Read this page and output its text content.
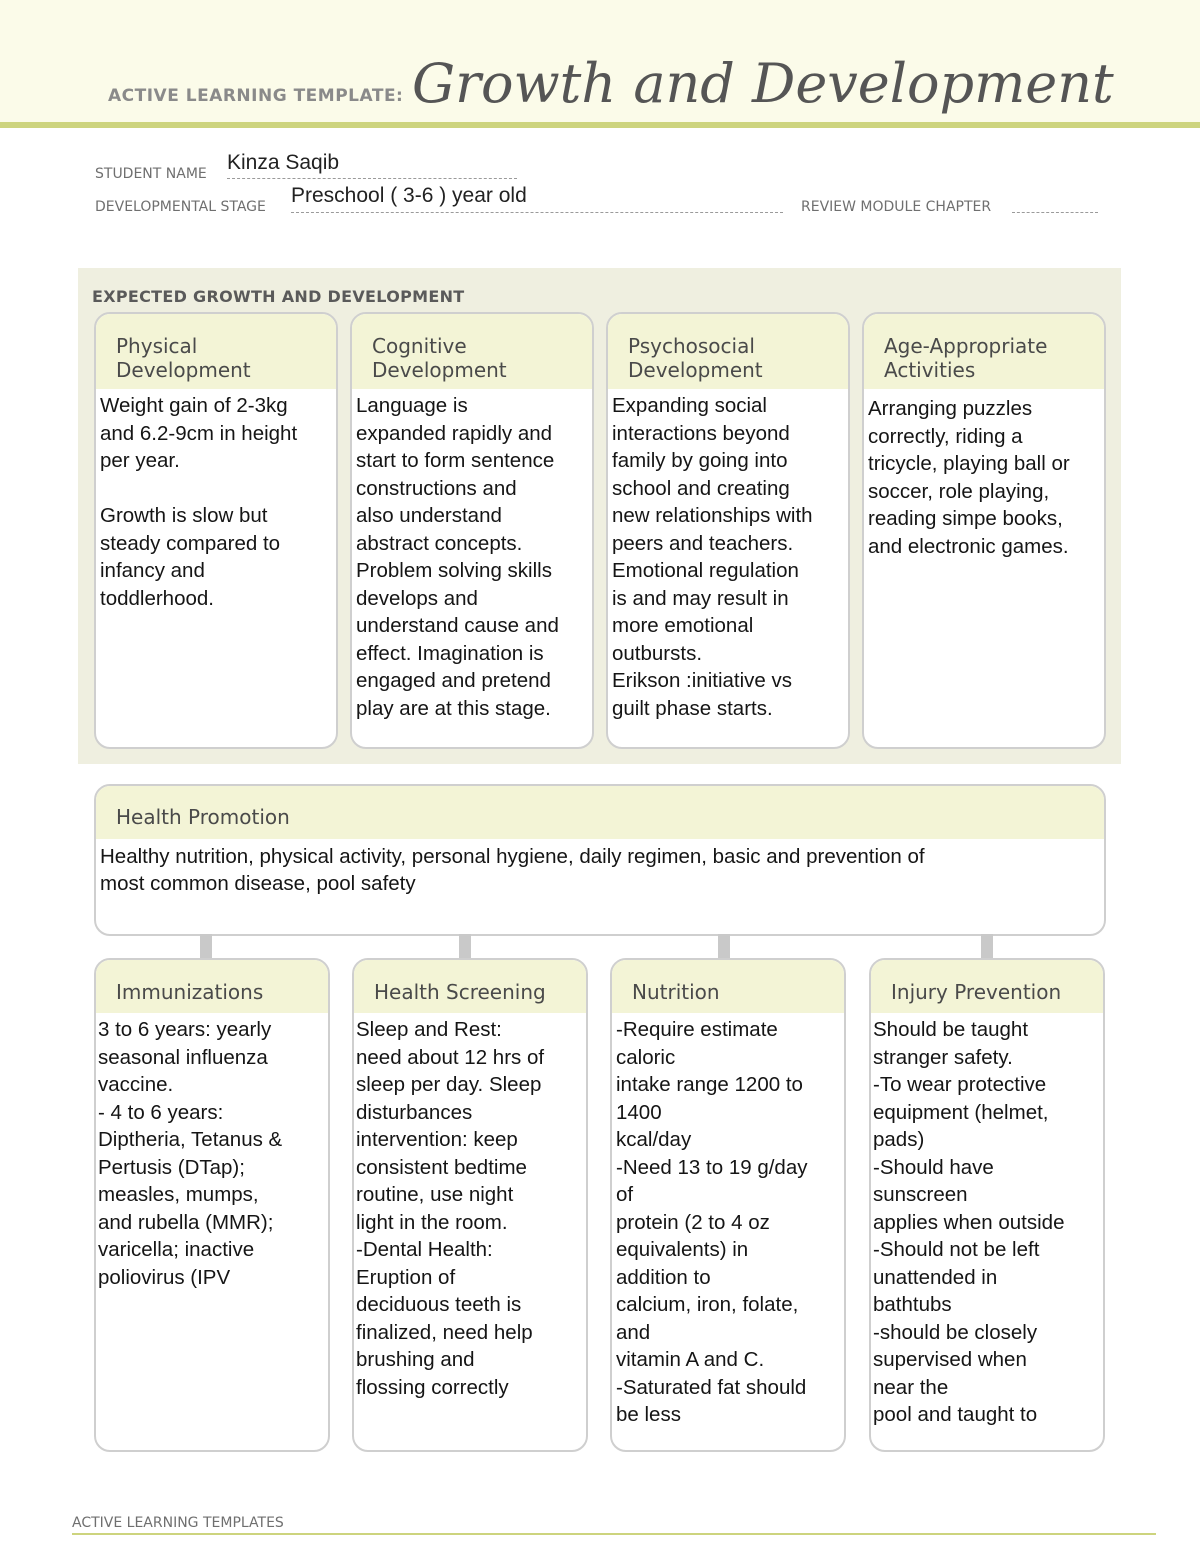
ACTIVE LEARNING TEMPLATE: Growth and Development
STUDENT NAME Kinza Saqib
DEVELOPMENTAL STAGE Preschool ( 3-6 ) year old	REVIEW MODULE CHAPTER
EXPECTED GROWTH AND DEVELOPMENT
Physical
Development
Weight gain of 2-3kg
and 6.2-9cm in height
per year.

Growth is slow but
steady compared to
infancy and
toddlerhood.
Cognitive
Development
Language is
expanded rapidly and
start to form sentence
constructions and
also understand
abstract concepts.
Problem solving skills
develops and
understand cause and
effect. Imagination is
engaged and pretend
play are at this stage.
Psychosocial
Development
Expanding social
interactions beyond
family by going into
school and creating
new relationships with
peers and teachers.
Emotional regulation
is and may result in
more emotional
outbursts.
Erikson :initiative vs
guilt phase starts.
Age-Appropriate
Activities
Arranging puzzles
correctly, riding a
tricycle, playing ball or
soccer, role playing,
reading simpe books,
and electronic games.
Health Promotion
Healthy nutrition, physical activity, personal hygiene, daily regimen, basic and prevention of
most common disease, pool safety
Immunizations
3 to 6 years: yearly
seasonal influenza
vaccine.
- 4 to 6 years:
Diptheria, Tetanus &
Pertusis (DTap);
measles, mumps,
and rubella (MMR);
varicella; inactive
poliovirus (IPV
Health Screening
Sleep and Rest:
need about 12 hrs of
sleep per day. Sleep
disturbances
intervention: keep
consistent bedtime
routine, use night
light in the room.
-Dental Health:
Eruption of
deciduous teeth is
finalized, need help
brushing and
flossing correctly
Nutrition
-Require estimate
caloric
intake range 1200 to
1400
kcal/day
-Need 13 to 19 g/day
of
protein (2 to 4 oz
equivalents) in
addition to
calcium, iron, folate,
and
vitamin A and C.
-Saturated fat should
be less
Injury Prevention
Should be taught
stranger safety.
-To wear protective
equipment (helmet,
pads)
-Should have
sunscreen
applies when outside
-Should not be left
unattended in
bathtubs
-should be closely
supervised when
near the
pool and taught to
ACTIVE LEARNING TEMPLATES
